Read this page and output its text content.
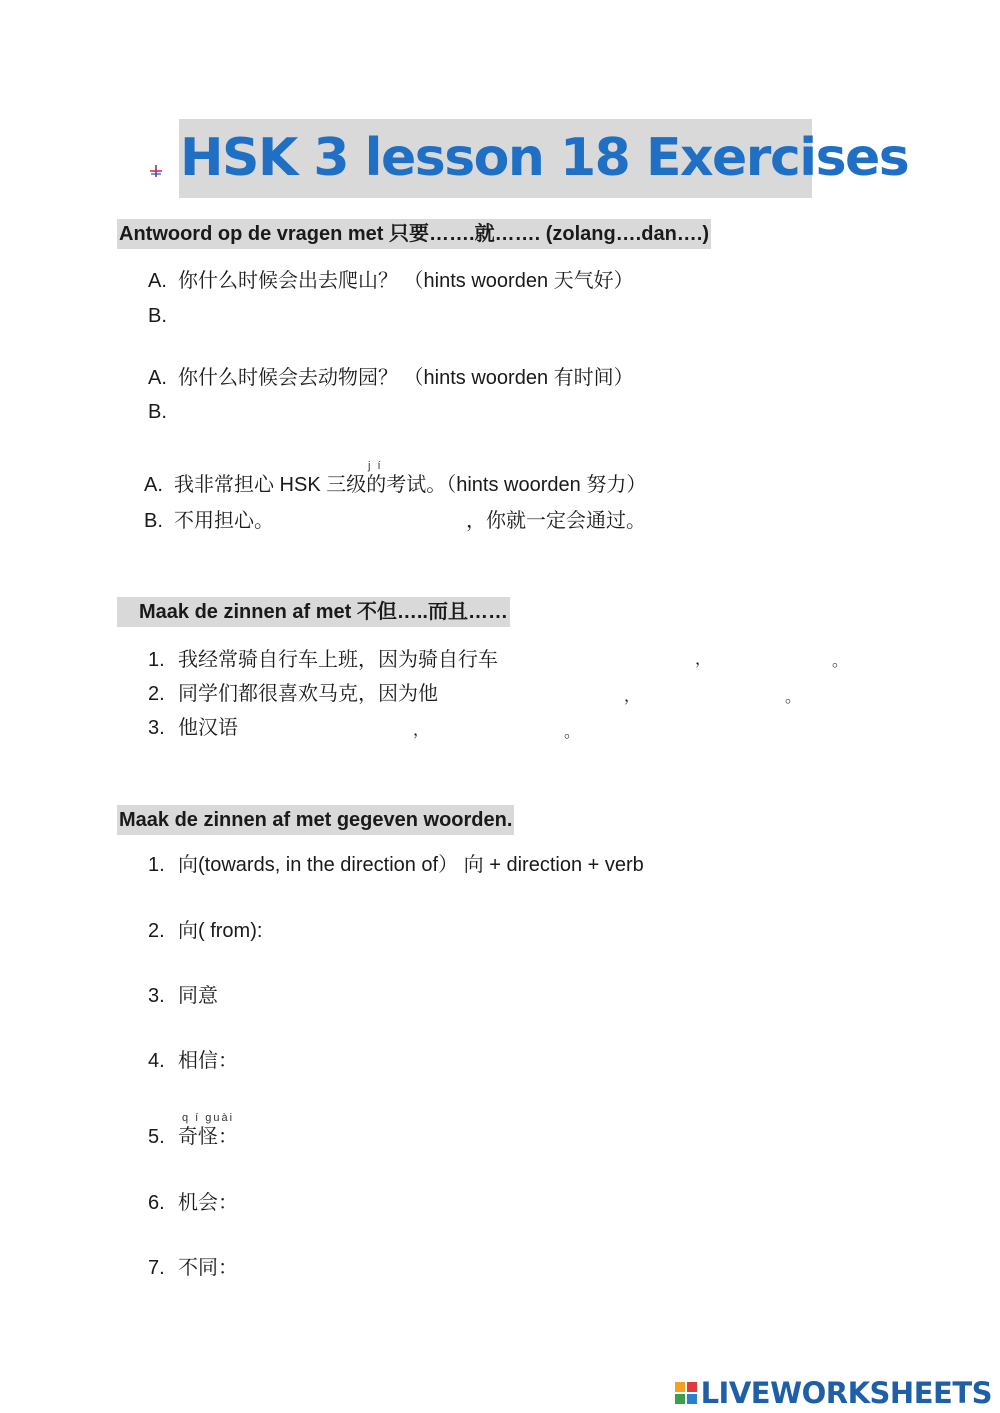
HSK 3 lesson 18 Exercises
Antwoord op de vragen met 只要…….就……. (zolang….dan….)
A. 你什么时候会出去爬山？ （hints woorden 天气好）
B.
A. 你什么时候会去动物园？ （hints woorden 有时间）
B.
j í
A. 我非常担心 HSK 三级的考试。（hints woorden 努力）
B. 不用担心。	，你就一定会通过。
Maak de zinnen af met 不但…..而且……
1. 我经常骑自行车上班，因为骑自行车	，	。
2. 同学们都很喜欢马克，因为他	，	。
3. 他汉语	，	。
Maak de zinnen af met gegeven woorden.
1. 向(towards, in the direction of） 向 + direction + verb
2. 向( from):
3. 同意
4. 相信：
q í guài
5. 奇怪：
6. 机会：
7. 不同：
LIVEWORKSHEETS
